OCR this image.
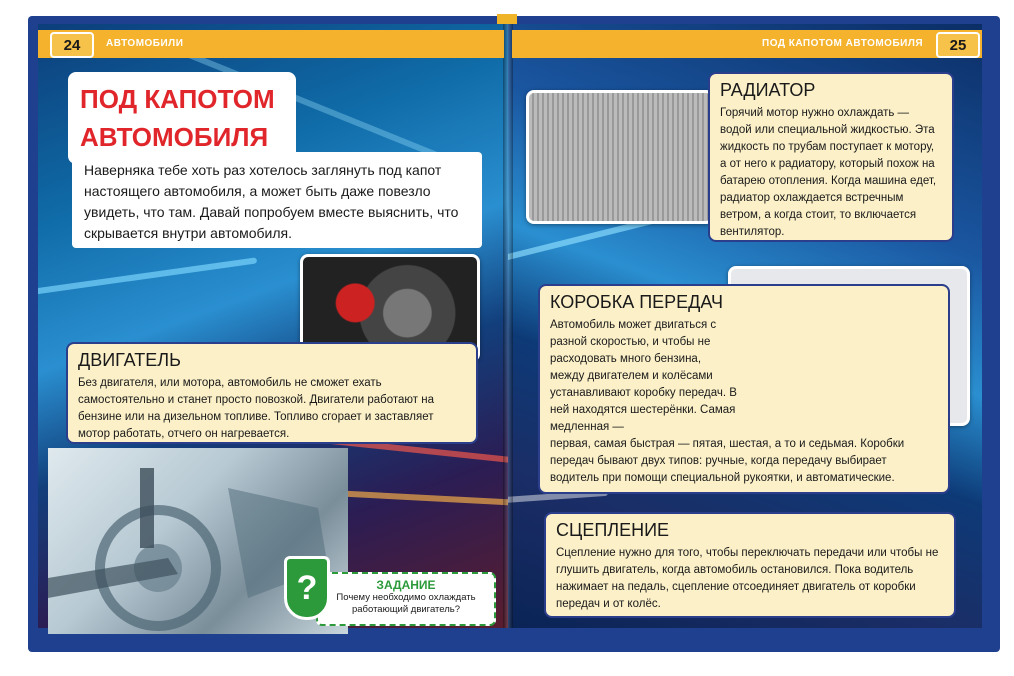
24	АВТОМОБИЛИ	ПОД КАПОТОМ АВТОМОБИЛЯ	25
ПОД КАПОТОМ
АВТОМОБИЛЯ
Наверняка тебе хоть раз хотелось заглянуть под капот настоящего автомобиля, а может быть даже повезло увидеть, что там. Давай попробуем вместе выяснить, что скрывается внутри автомобиля.
ДВИГАТЕЛЬ
Без двигателя, или мотора, автомобиль не сможет ехать самостоятельно и станет просто повозкой. Двигатели работают на бензине или на дизельном топливе. Топливо сгорает и заставляет мотор работать, отчего он нагревается.
РАДИАТОР
Горячий мотор нужно охлаждать — водой или специальной жидкостью. Эта жидкость по трубам поступает к мотору, а от него к радиатору, который похож на батарею отопления. Когда машина едет, радиатор охлаждается встречным ветром, а когда стоит, то включается вентилятор.
КОРОБКА ПЕРЕДАЧ
Автомобиль может двигаться с разной скоростью, и чтобы не расходовать много бензина, между двигателем и колёсами устанавливают коробку передач. В ней находятся шестерёнки. Самая медленная —
первая, самая быстрая — пятая, шестая, а то и седьмая. Коробки передач бывают двух типов: ручные, когда передачу выбирает водитель при помощи специальной рукоятки, и автоматические.
СЦЕПЛЕНИЕ
Сцепление нужно для того, чтобы переключать передачи или чтобы не глушить двигатель, когда автомобиль остановился. Пока водитель нажимает на педаль, сцепление отсоединяет двигатель от коробки передач и от колёс.
ЗАДАНИЕ
Почему необходимо охлаждать работающий двигатель?
?
